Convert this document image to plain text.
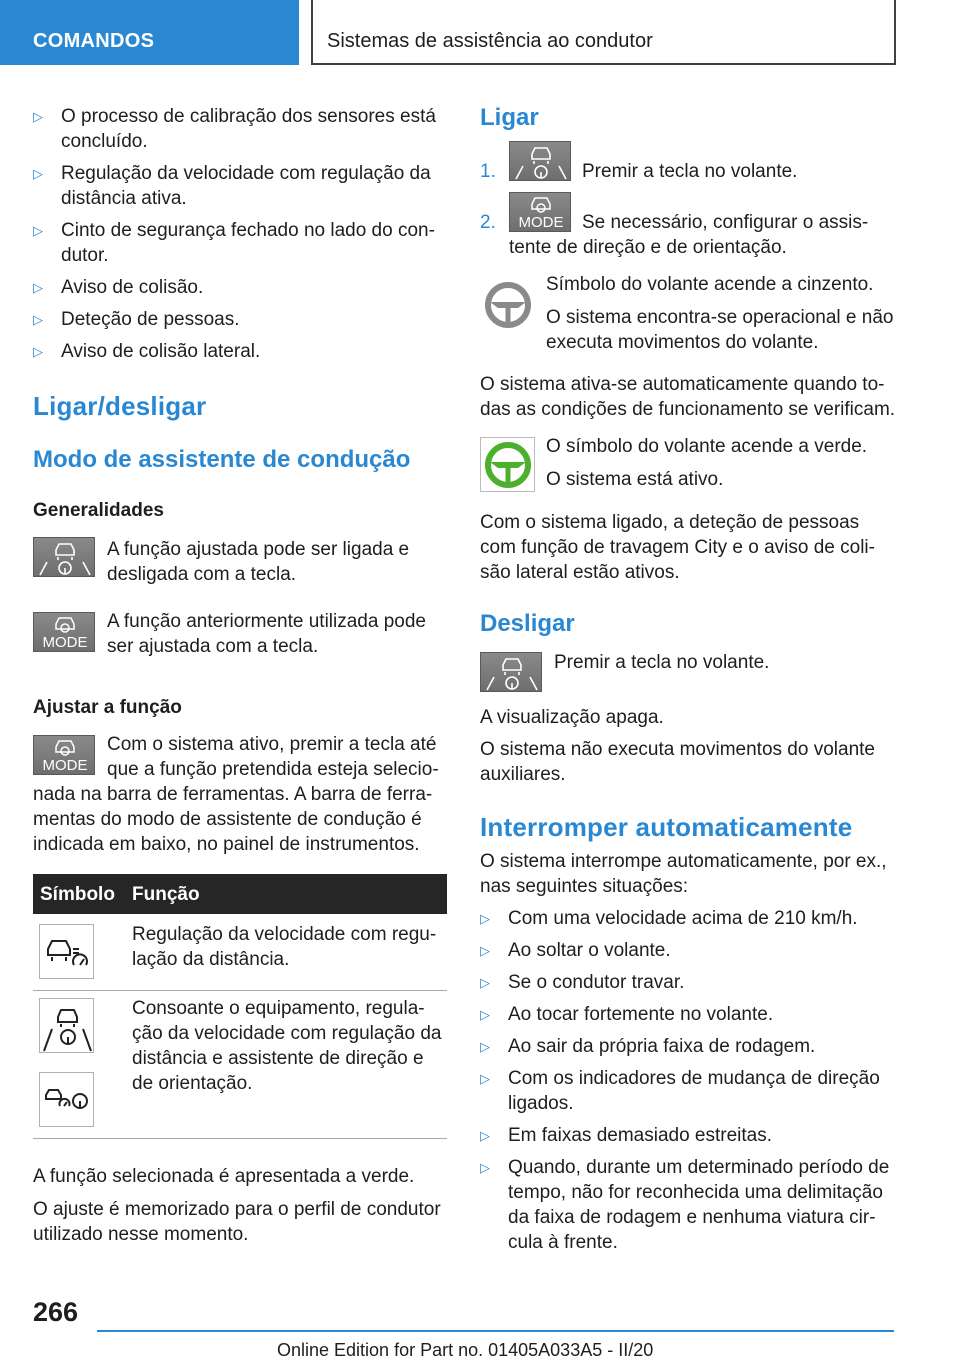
COMANDOS	Sistemas de assistência ao condutor
▷ O processo de calibração dos sensores está concluído.
▷ Regulação da velocidade com regulação da distância ativa.
▷ Cinto de segurança fechado no lado do con-dutor.
▷ Aviso de colisão.
▷ Deteção de pessoas.
▷ Aviso de colisão lateral.
Ligar/desligar
Modo de assistente de condução
Generalidades
A função ajustada pode ser ligada e desligada com a tecla.
MODE
A função anteriormente utilizada pode ser ajustada com a tecla.
Ajustar a função
MODE
Com o sistema ativo, premir a tecla até que a função pretendida esteja selecio-nada na barra de ferramentas. A barra de ferra-mentas do modo de assistente de condução é indicada em baixo, no painel de instrumentos.
Símbolo Função
Regulação da velocidade com regu-lação da distância.
Consoante o equipamento, regula-ção da velocidade com regulação da distância e assistente de direção e de orientação.
A função selecionada é apresentada a verde.
O ajuste é memorizado para o perfil de condutor utilizado nesse momento.
Ligar
1.	Premir a tecla no volante.
2. MODE Se necessário, configurar o assis-
tente de direção e de orientação.
Símbolo do volante acende a cinzento.
O sistema encontra-se operacional e não executa movimentos do volante.
O sistema ativa-se automaticamente quando to-das as condições de funcionamento se verificam.
O símbolo do volante acende a verde.
O sistema está ativo.
Com o sistema ligado, a deteção de pessoas com função de travagem City e o aviso de coli-são lateral estão ativos.
Desligar
Premir a tecla no volante.
A visualização apaga.
O sistema não executa movimentos do volante auxiliares.
Interromper automaticamente
O sistema interrompe automaticamente, por ex., nas seguintes situações:
▷ Com uma velocidade acima de 210 km/h.
▷ Ao soltar o volante.
▷ Se o condutor travar.
▷ Ao tocar fortemente no volante.
▷ Ao sair da própria faixa de rodagem.
▷ Com os indicadores de mudança de direção ligados.
▷ Em faixas demasiado estreitas.
▷ Quando, durante um determinado período de tempo, não for reconhecida uma delimitação da faixa de rodagem e nenhuma viatura cir-cula à frente.
266
Online Edition for Part no. 01405A033A5 - II/20
